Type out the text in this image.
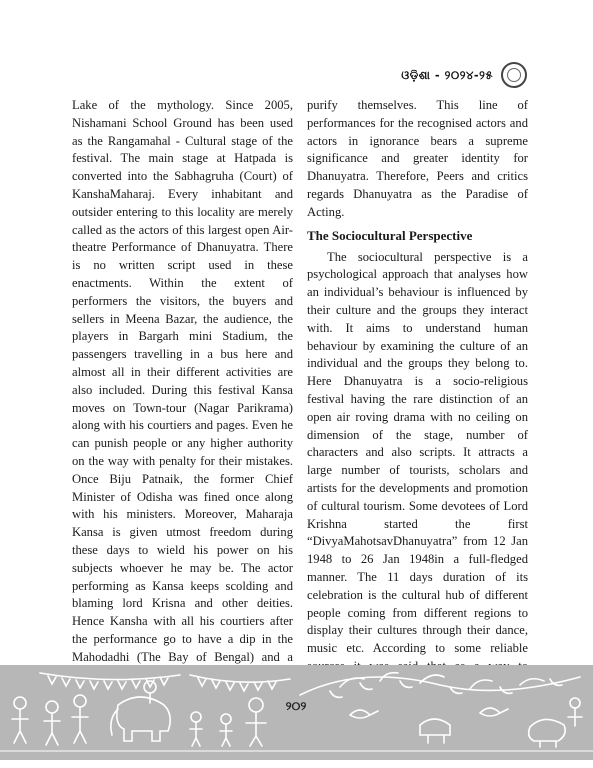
ଓଡ଼ିଶା - ୨୦୨୪-୨୫

Lake of the mythology. Since 2005, Nishamani School Ground has been used as the Rangamahal - Cultural stage of the festival. The main stage at Hatpada is converted into the Sabhagruha (Court) of KanshaMaharaj. Every inhabitant and outsider entering to this locality are merely called as the actors of this largest open Air-theatre Performance of Dhanuyatra. There is no written script used in these enactments. Within the extent of performers the visitors, the buyers and sellers in Meena Bazar, the audience, the players in Bargarh mini Stadium, the passengers travelling in a bus here and almost all in their different activities are also included. During this festival Kansa moves on Town-tour (Nagar Parikrama) along with his courtiers and pages. Even he can punish people or any higher authority on the way with penalty for their mistakes. Once Biju Patnaik, the former Chief Minister of Odisha was fined once along with his ministers. Moreover, Maharaja Kansa is given utmost freedom during these days to wield his power on his subjects whoever he may be. The actor performing as Kansa keeps scolding and blaming lord Krisna and other deities. Hence Kansha with all his courtiers after the performance go to have a dip in the Mahodadhi (The Bay of Bengal) and a

purify themselves. This line of performances for the recognised actors and actors in ignorance bears a supreme significance and greater identity for Dhanuyatra. Therefore, Peers and critics regards Dhanuyatra as the Paradise of Acting.

The Sociocultural Perspective

The sociocultural perspective is a psychological approach that analyses how an individual’s behaviour is influenced by their culture and the groups they interact with. It aims to understand human behaviour by examining the culture of an individual and the groups they belong to. Here Dhanuyatra is a socio-religious festival having the rare distinction of an open air roving drama with no ceiling on dimension of the stage, number of characters and also scripts. It attracts a large number of tourists, scholars and artists for the developments and promotion of cultural tourism. Some devotees of Lord Krishna started the first “DivyaMahotsavDhanuyatra” from 12 Jan 1948 to 26 Jan 1948in a full-fledged manner. The 11 days duration of its celebration is the cultural hub of different people coming from different regions to display their cultures through their dance, music etc. According to some reliable

୨୦୨
